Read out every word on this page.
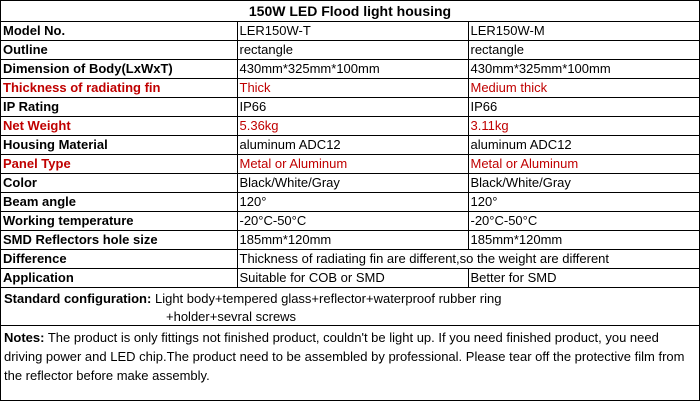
150W LED Flood light housing
Model No.	LER150W-T	LER150W-M
Outline	rectangle	rectangle
Dimension of Body(LxWxT)	430mm*325mm*100mm	430mm*325mm*100mm
Thickness of radiating fin	Thick	Medium thick
IP Rating	IP66	IP66
Net Weight	5.36kg	3.11kg
Housing Material	aluminum ADC12	aluminum ADC12
Panel Type	Metal or Aluminum	Metal or Aluminum
Color	Black/White/Gray	Black/White/Gray
Beam angle	120°	120°
Working temperature	-20°C-50°C	-20°C-50°C
SMD Reflectors hole size	185mm*120mm	185mm*120mm
Difference	Thickness of radiating fin are different,so the weight are different	
Application	Suitable for COB or SMD	Better for SMD
Standard configuration: Light body+tempered glass+reflector+waterproof rubber ring
+holder+sevral screws
Notes: The product is only fittings not finished product, couldn't be light up. If you need finished product, you need driving power and LED chip.The product need to be assembled by professional. Please tear off the protective film from the reflector before make assembly.
